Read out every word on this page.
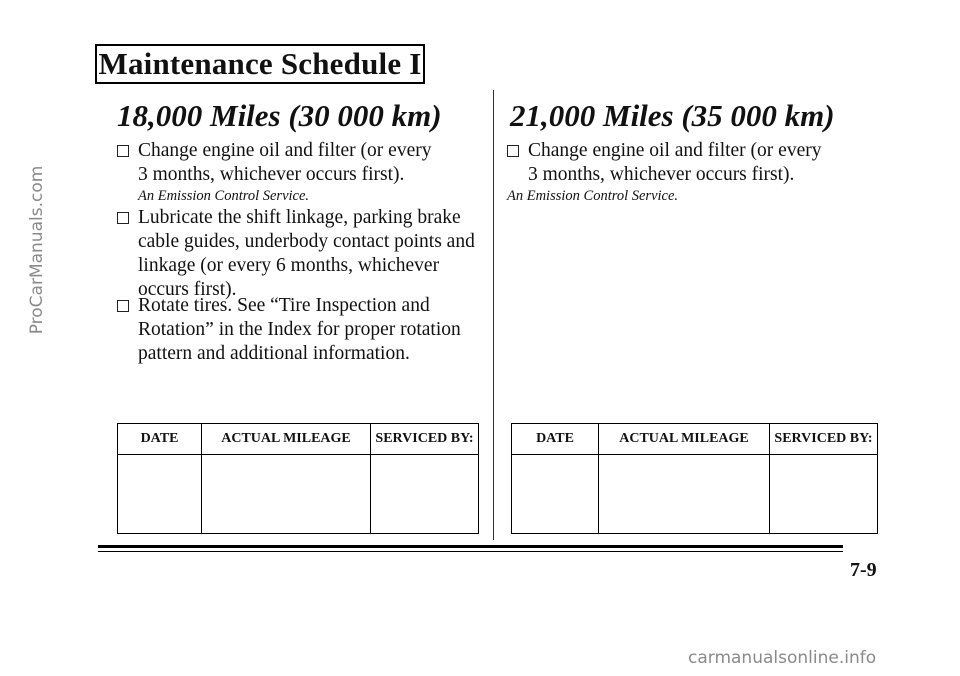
Maintenance Schedule I
18,000 Miles (30 000 km)
Change engine oil and filter (or every
3 months, whichever occurs first).
An Emission Control Service.
Lubricate the shift linkage, parking brake
cable guides, underbody contact points and
linkage (or every 6 months, whichever
occurs first).
Rotate tires. See “Tire Inspection and
Rotation” in the Index for proper rotation
pattern and additional information.
DATE	ACTUAL MILEAGE	SERVICED BY:

21,000 Miles (35 000 km)
Change engine oil and filter (or every
3 months, whichever occurs first).
An Emission Control Service.
DATE	ACTUAL MILEAGE	SERVICED BY:

7-9
ProCarManuals.com
carmanualsonline.info
